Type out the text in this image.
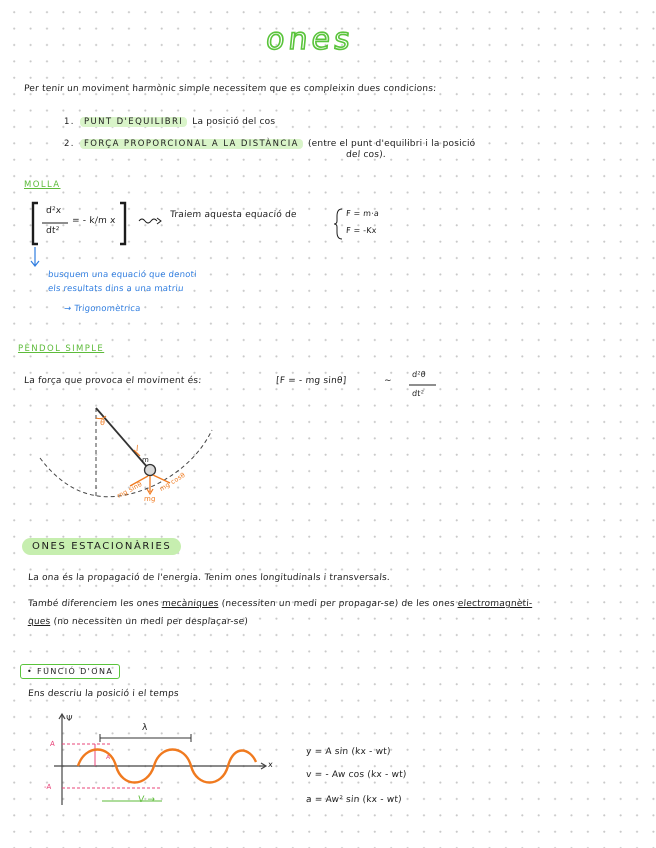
ones
Per tenir un moviment harmònic simple necessitem que es compleixin dues condicions:
1. PUNT D'EQUILIBRI La posició del cos
2. FORÇA PROPORCIONAL A LA DISTÀNCIA (entre el punt d'equilibri i la posició
del cos).
MOLLA
d²x
dt²
= - k/m x
Traiem aquesta equació de	F = m·a
F = -Kx
busquem una equació que denoti
els resultats dins a una matriu
→ Trigonomètrica
PÈNDOL SIMPLE
La força que provoca el moviment és:	[F = - mg sinθ]	~
d²θ
dt²
θ
l
m
mg
mg sinθ mg cosθ
ONES ESTACIONÀRIES
La ona és la propagació de l'energia. Tenim ones longitudinals i transversals.
També diferenciem les ones mecàniques (necessiten un medi per propagar-se) de les ones electromagnèti-
ques (no necessiten un medi per desplaçar-se)
• FUNCIÓ D'ONA
Ens descriu la posició i el temps
Ψ
x
λ
A
-A
A
V →
y = A sin (kx - wt)
v = - Aw cos (kx - wt)
a = Aw² sin (kx - wt)
